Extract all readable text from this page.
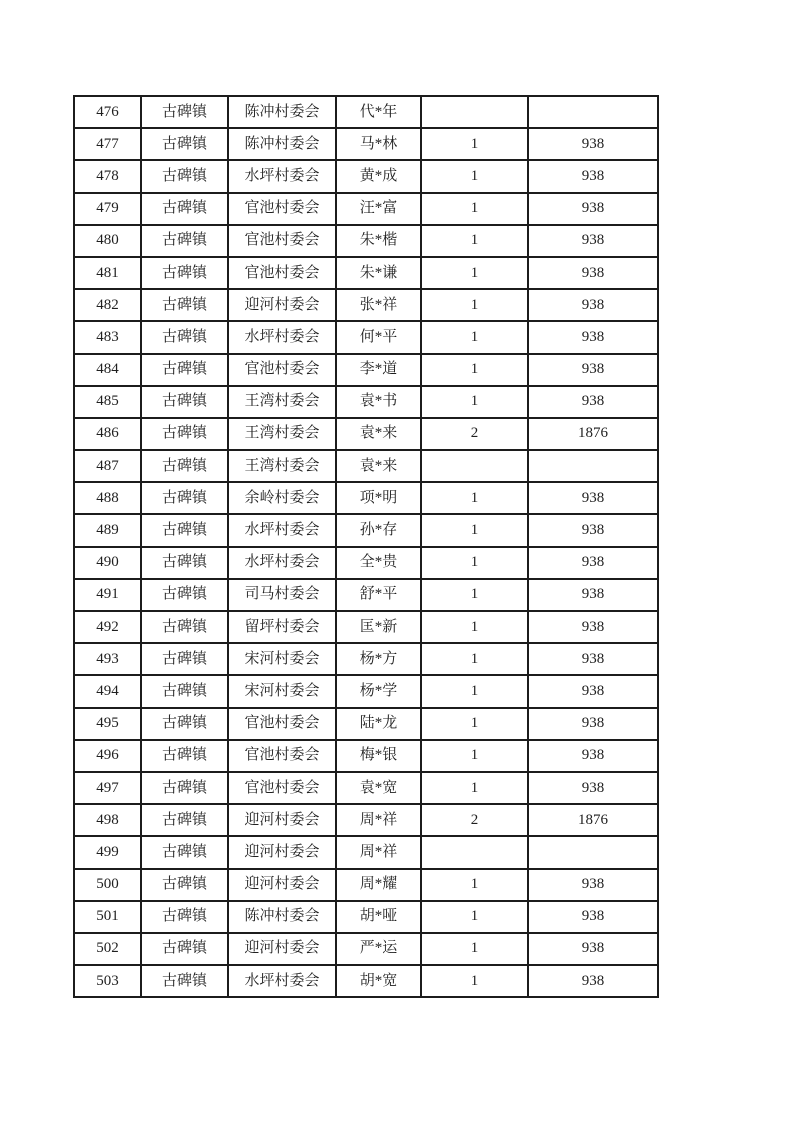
476	古碑镇	陈冲村委会	代*年		
477	古碑镇	陈冲村委会	马*林	1	938
478	古碑镇	水坪村委会	黄*成	1	938
479	古碑镇	官池村委会	汪*富	1	938
480	古碑镇	官池村委会	朱*楷	1	938
481	古碑镇	官池村委会	朱*谦	1	938
482	古碑镇	迎河村委会	张*祥	1	938
483	古碑镇	水坪村委会	何*平	1	938
484	古碑镇	官池村委会	李*道	1	938
485	古碑镇	王湾村委会	袁*书	1	938
486	古碑镇	王湾村委会	袁*来	2	1876
487	古碑镇	王湾村委会	袁*来		
488	古碑镇	余岭村委会	项*明	1	938
489	古碑镇	水坪村委会	孙*存	1	938
490	古碑镇	水坪村委会	全*贵	1	938
491	古碑镇	司马村委会	舒*平	1	938
492	古碑镇	留坪村委会	匡*新	1	938
493	古碑镇	宋河村委会	杨*方	1	938
494	古碑镇	宋河村委会	杨*学	1	938
495	古碑镇	官池村委会	陆*龙	1	938
496	古碑镇	官池村委会	梅*银	1	938
497	古碑镇	官池村委会	袁*宽	1	938
498	古碑镇	迎河村委会	周*祥	2	1876
499	古碑镇	迎河村委会	周*祥		
500	古碑镇	迎河村委会	周*耀	1	938
501	古碑镇	陈冲村委会	胡*哑	1	938
502	古碑镇	迎河村委会	严*运	1	938
503	古碑镇	水坪村委会	胡*宽	1	938
